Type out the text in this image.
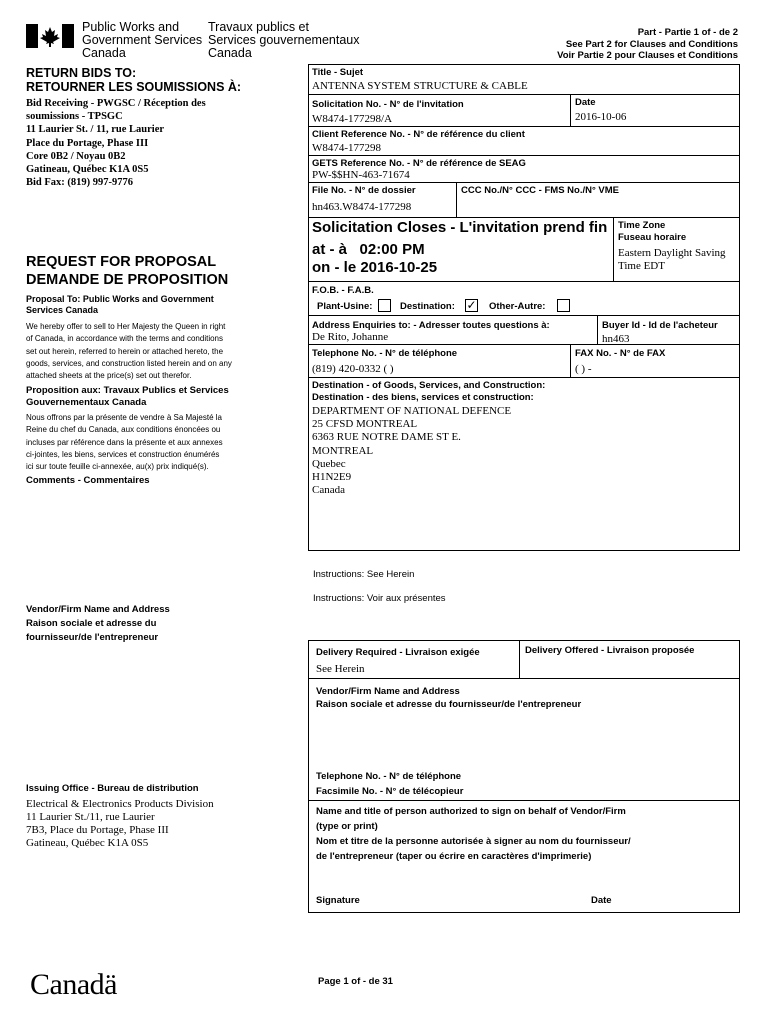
Public Works and
Government Services
Canada
Travaux publics et
Services gouvernementaux
Canada
Part - Partie 1 of - de 2
See Part 2 for Clauses and Conditions
Voir Partie 2 pour Clauses et Conditions
RETURN BIDS TO:
RETOURNER LES SOUMISSIONS À:
Bid Receiving - PWGSC / Réception des
soumissions - TPSGC
11 Laurier St. / 11, rue Laurier
Place du Portage, Phase III
Core 0B2 / Noyau 0B2
Gatineau, Québec K1A 0S5
Bid Fax: (819) 997-9776
REQUEST FOR PROPOSAL
DEMANDE DE PROPOSITION
Proposal To: Public Works and Government
Services Canada
We hereby offer to sell to Her Majesty the Queen in right
of Canada, in accordance with the terms and conditions
set out herein, referred to herein or attached hereto, the
goods, services, and construction listed herein and on any
attached sheets at the price(s) set out therefor.
Proposition aux: Travaux Publics et Services
Gouvernementaux Canada
Nous offrons par la présente de vendre à Sa Majesté la
Reine du chef du Canada, aux conditions énoncées ou
incluses par référence dans la présente et aux annexes
ci-jointes, les biens, services et construction énumérés
ici sur toute feuille ci-annexée, au(x) prix indiqué(s).
Comments - Commentaires
Vendor/Firm Name and Address
Raison sociale et adresse du
fournisseur/de l'entrepreneur
Issuing Office - Bureau de distribution
Electrical & Electronics Products Division
11 Laurier St./11, rue Laurier
7B3, Place du Portage, Phase III
Gatineau, Québec K1A 0S5
Title - Sujet
ANTENNA SYSTEM STRUCTURE & CABLE
Solicitation No. - N° de l'invitation
W8474-177298/A
Date
2016-10-06
Client Reference No. - N° de référence du client
W8474-177298
GETS Reference No. - N° de référence de SEAG
PW-$$HN-463-71674
File No. - N° de dossier
hn463.W8474-177298
CCC No./N° CCC - FMS No./N° VME
Solicitation Closes - L'invitation prend fin
at - à 02:00 PM
on - le 2016-10-25
Time Zone
Fuseau horaire
Eastern Daylight Saving
Time EDT
F.O.B. - F.A.B.
Plant-Usine:	Destination: ✓ Other-Autre:
Address Enquiries to: - Adresser toutes questions à:
De Rito, Johanne
Buyer Id - Id de l'acheteur
hn463
Telephone No. - N° de téléphone
(819) 420-0332 ( )
FAX No. - N° de FAX
( ) -
Destination - of Goods, Services, and Construction:
Destination - des biens, services et construction:
DEPARTMENT OF NATIONAL DEFENCE
25 CFSD MONTREAL
6363 RUE NOTRE DAME ST E.
MONTREAL
Quebec
H1N2E9
Canada
Instructions: See Herein
Instructions: Voir aux présentes
Delivery Required - Livraison exigée
See Herein
Delivery Offered - Livraison proposée
Vendor/Firm Name and Address
Raison sociale et adresse du fournisseur/de l'entrepreneur
Telephone No. - N° de téléphone
Facsimile No. - N° de télécopieur
Name and title of person authorized to sign on behalf of Vendor/Firm
(type or print)
Nom et titre de la personne autorisée à signer au nom du fournisseur/
de l'entrepreneur (taper ou écrire en caractères d'imprimerie)
Signature	Date
Canadä	Page 1 of - de 31
